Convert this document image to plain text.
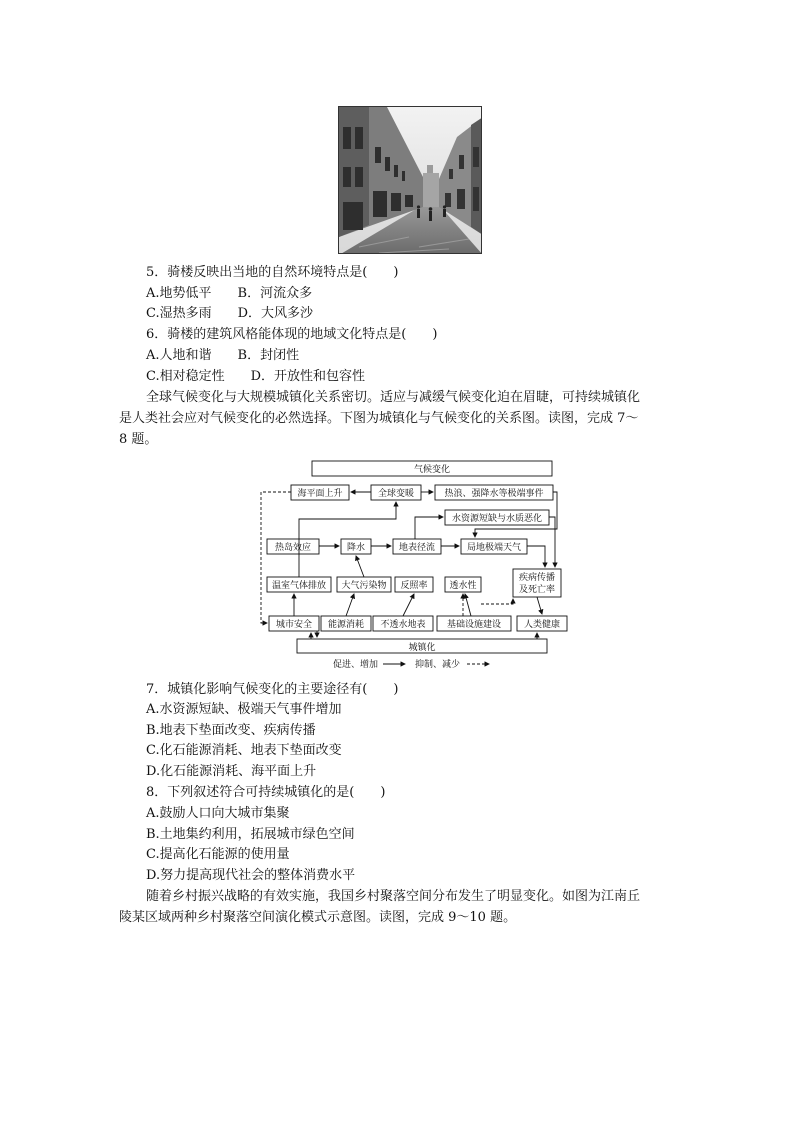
5．骑楼反映出当地的自然环境特点是(　　)
A.地势低平　　B．河流众多
C.湿热多雨　　D．大风多沙
6．骑楼的建筑风格能体现的地域文化特点是(　　)
A.人地和谐　　B．封闭性
C.相对稳定性　　D．开放性和包容性
全球气候变化与大规模城镇化关系密切。适应与减缓气候变化迫在眉睫，可持续城镇化
是人类社会应对气候变化的必然选择。下图为城镇化与气候变化的关系图。读图，完成 7～
8 题。
气候变化
海平面上升	全球变暖	热浪、强降水等极端事件
水资源短缺与水质恶化
热岛效应	降水	地表径流	局地极端天气
温室气体排放 大气污染物 反照率 透水性
疾病传播
及死亡率
城市安全 能源消耗 不透水地表 基础设施建设	人类健康
城镇化
促进、增加	抑制、减少
7．城镇化影响气候变化的主要途径有(　　)
A.水资源短缺、极端天气事件增加
B.地表下垫面改变、疾病传播
C.化石能源消耗、地表下垫面改变
D.化石能源消耗、海平面上升
8．下列叙述符合可持续城镇化的是(　　)
A.鼓励人口向大城市集聚
B.土地集约利用，拓展城市绿色空间
C.提高化石能源的使用量
D.努力提高现代社会的整体消费水平
随着乡村振兴战略的有效实施，我国乡村聚落空间分布发生了明显变化。如图为江南丘
陵某区域两种乡村聚落空间演化模式示意图。读图，完成 9～10 题。
